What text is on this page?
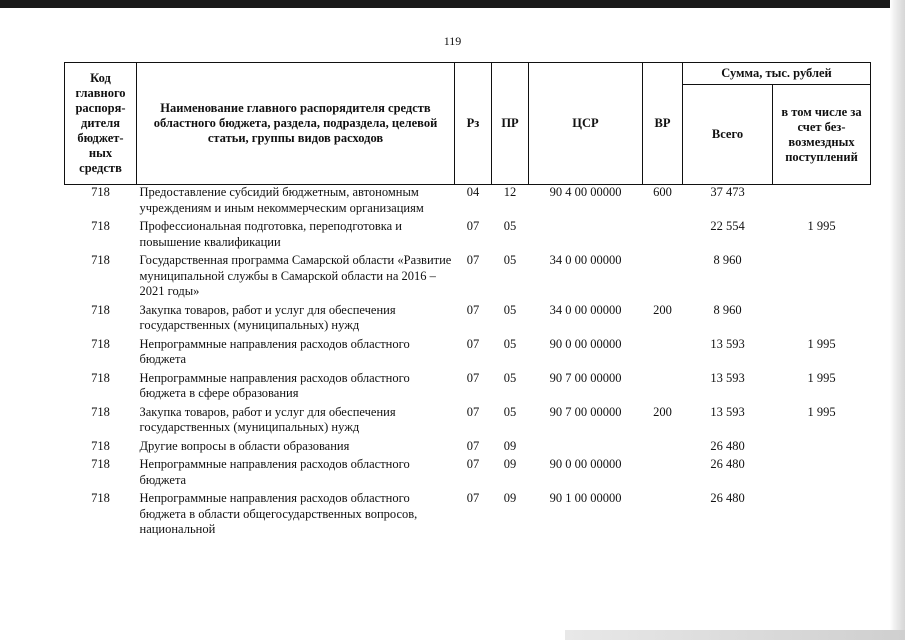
119
Код главного распоря-дителя бюджет-ных средств	Наименование главного распорядителя средств областного бюджета, раздела, подраздела, целевой статьи, группы видов расходов	Рз	ПР	ЦСР	ВР	Сумма, тыс. рублей	
						Всего	в том числе за счет без-возмездных поступлений
718	Предоставление субсидий бюджетным, автономным учреждениям и иным некоммерческим организациям	04	12	90 4 00 00000	600	37 473	
718	Профессиональная подготовка, переподготовка и повышение квалификации	07	05			22 554	1 995
718	Государственная программа Самарской области «Развитие муниципальной службы в Самарской области на 2016 – 2021 годы»	07	05	34 0 00 00000		8 960	
718	Закупка товаров, работ и услуг для обеспечения государственных (муниципальных) нужд	07	05	34 0 00 00000	200	8 960	
718	Непрограммные направления расходов областного бюджета	07	05	90 0 00 00000		13 593	1 995
718	Непрограммные направления расходов областного бюджета в сфере образования	07	05	90 7 00 00000		13 593	1 995
718	Закупка товаров, работ и услуг для обеспечения государственных (муниципальных) нужд	07	05	90 7 00 00000	200	13 593	1 995
718	Другие вопросы в области образования	07	09			26 480	
718	Непрограммные направления расходов областного бюджета	07	09	90 0 00 00000		26 480	
718	Непрограммные направления расходов областного бюджета в области общегосударственных вопросов, национальной	07	09	90 1 00 00000		26 480	
